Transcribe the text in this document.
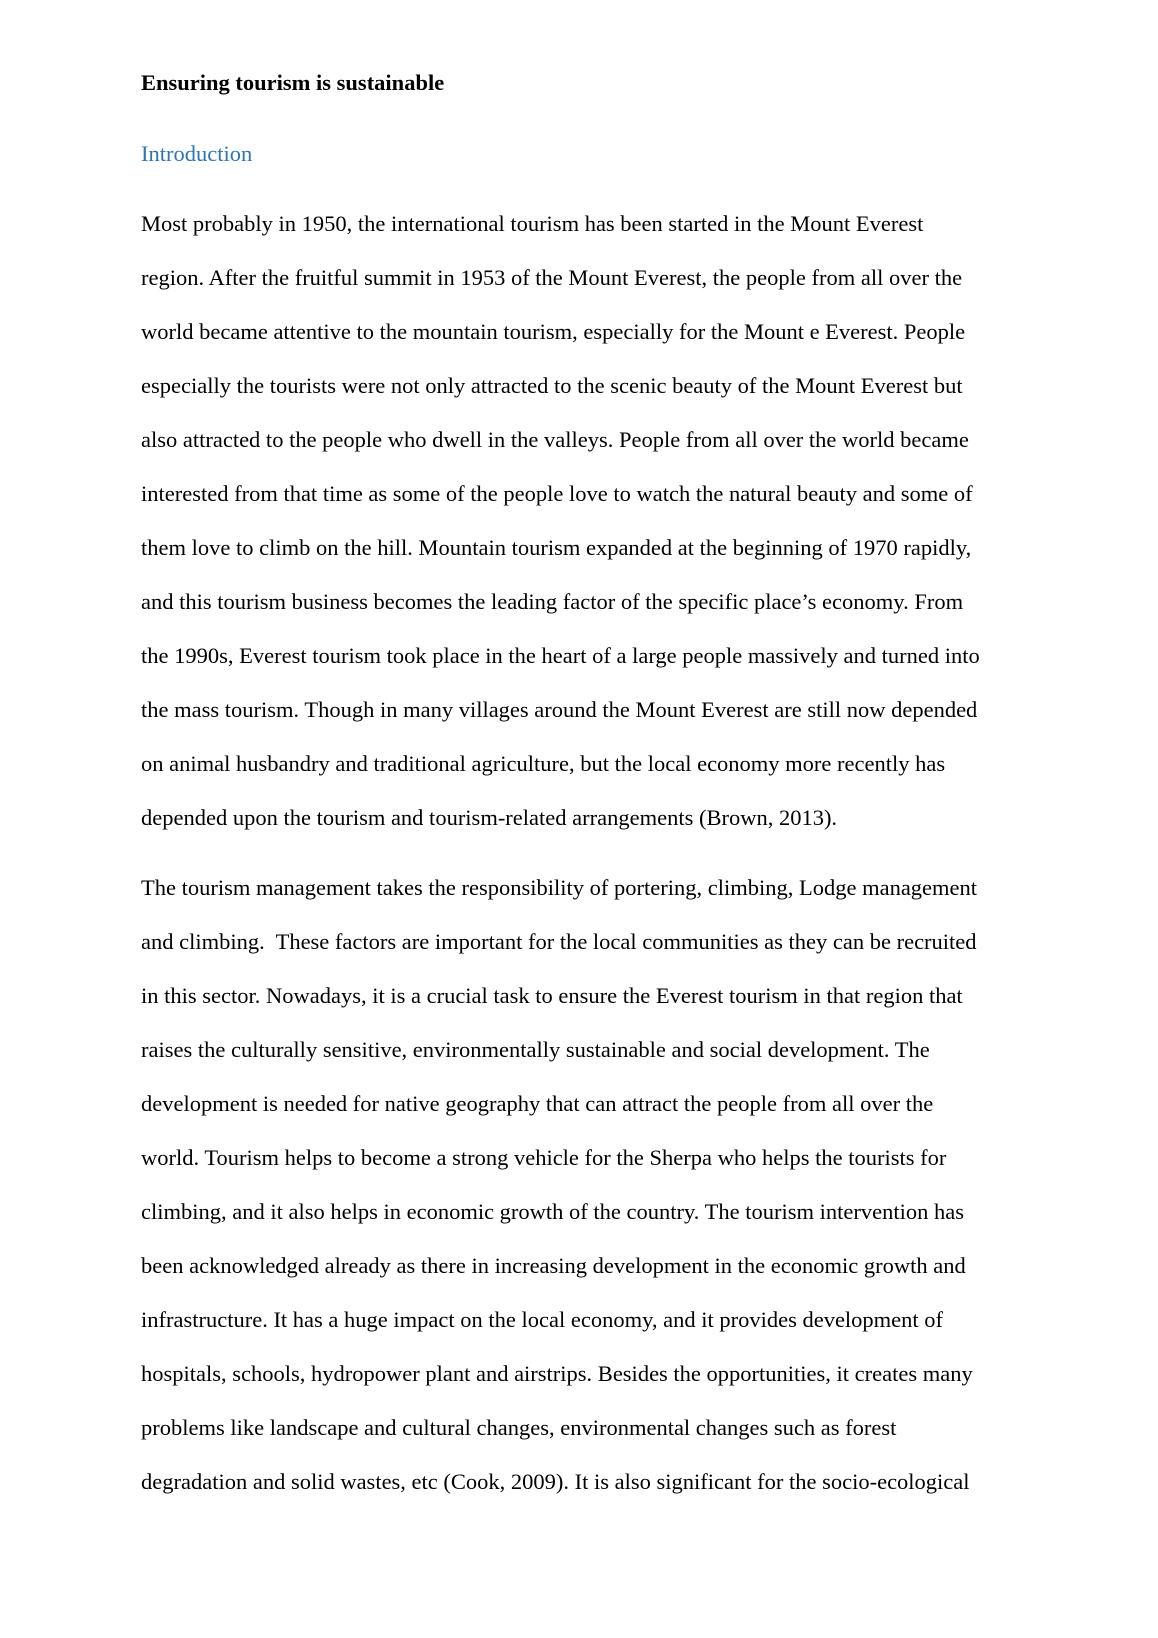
Ensuring tourism is sustainable
Introduction
Most probably in 1950, the international tourism has been started in the Mount Everest
region. After the fruitful summit in 1953 of the Mount Everest, the people from all over the
world became attentive to the mountain tourism, especially for the Mount e Everest. People
especially the tourists were not only attracted to the scenic beauty of the Mount Everest but
also attracted to the people who dwell in the valleys. People from all over the world became
interested from that time as some of the people love to watch the natural beauty and some of
them love to climb on the hill. Mountain tourism expanded at the beginning of 1970 rapidly,
and this tourism business becomes the leading factor of the specific place’s economy. From
the 1990s, Everest tourism took place in the heart of a large people massively and turned into
the mass tourism. Though in many villages around the Mount Everest are still now depended
on animal husbandry and traditional agriculture, but the local economy more recently has
depended upon the tourism and tourism-related arrangements (Brown, 2013).
The tourism management takes the responsibility of portering, climbing, Lodge management
and climbing.  These factors are important for the local communities as they can be recruited
in this sector. Nowadays, it is a crucial task to ensure the Everest tourism in that region that
raises the culturally sensitive, environmentally sustainable and social development. The
development is needed for native geography that can attract the people from all over the
world. Tourism helps to become a strong vehicle for the Sherpa who helps the tourists for
climbing, and it also helps in economic growth of the country. The tourism intervention has
been acknowledged already as there in increasing development in the economic growth and
infrastructure. It has a huge impact on the local economy, and it provides development of
hospitals, schools, hydropower plant and airstrips. Besides the opportunities, it creates many
problems like landscape and cultural changes, environmental changes such as forest
degradation and solid wastes, etc (Cook, 2009). It is also significant for the socio-ecological
